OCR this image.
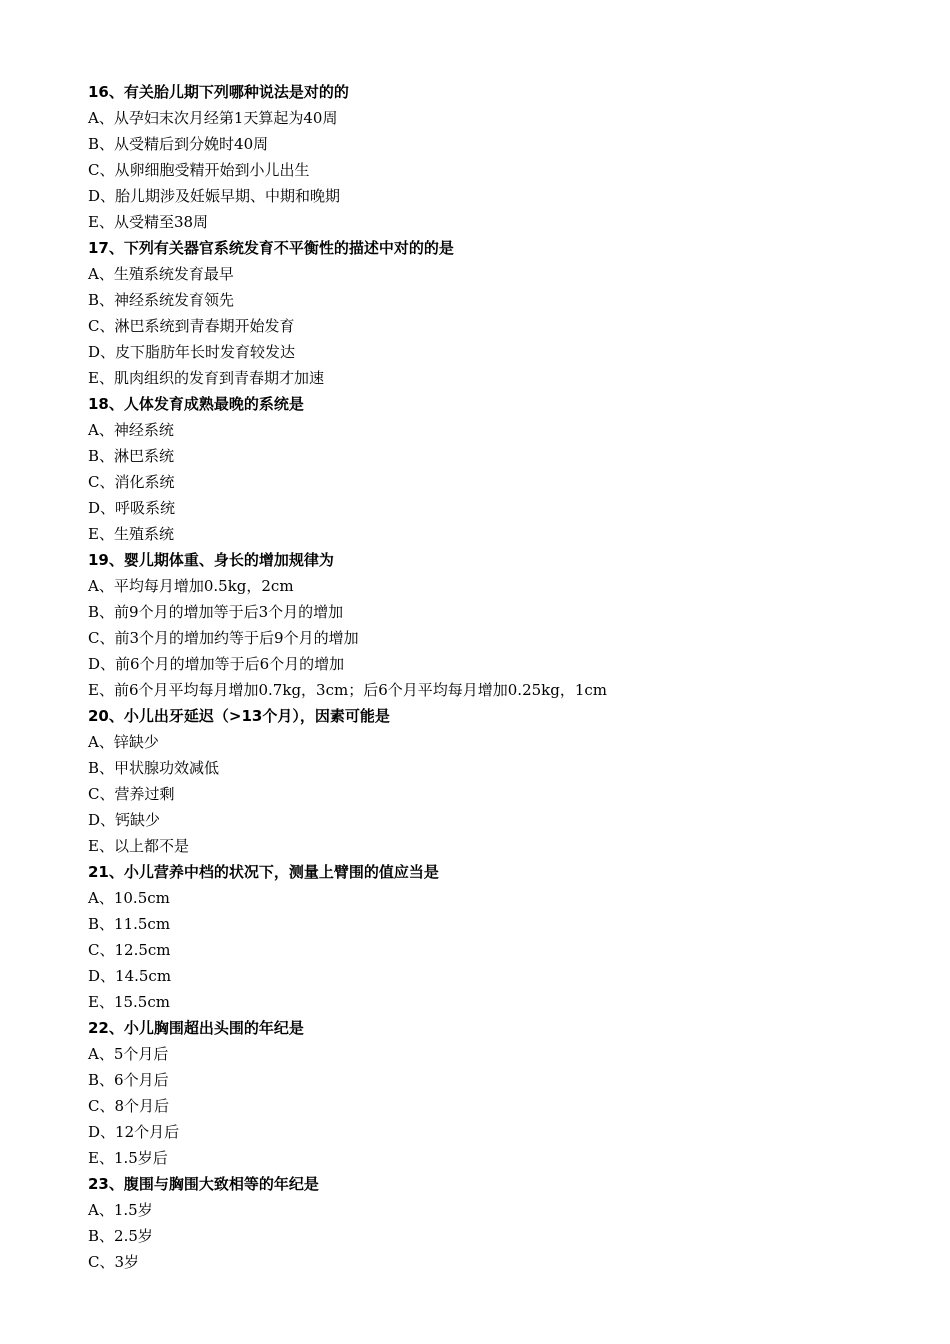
16、有关胎儿期下列哪种说法是对的的
A、从孕妇末次月经第1天算起为40周
B、从受精后到分娩时40周
C、从卵细胞受精开始到小儿出生
D、胎儿期涉及妊娠早期、中期和晚期
E、从受精至38周
17、下列有关器官系统发育不平衡性的描述中对的的是
A、生殖系统发育最早
B、神经系统发育领先
C、淋巴系统到青春期开始发育
D、皮下脂肪年长时发育较发达
E、肌肉组织的发育到青春期才加速
18、人体发育成熟最晚的系统是
A、神经系统
B、淋巴系统
C、消化系统
D、呼吸系统
E、生殖系统
19、婴儿期体重、身长的增加规律为
A、平均每月增加0.5kg，2cm
B、前9个月的增加等于后3个月的增加
C、前3个月的增加约等于后9个月的增加
D、前6个月的增加等于后6个月的增加
E、前6个月平均每月增加0.7kg，3cm；后6个月平均每月增加0.25kg，1cm
20、小儿出牙延迟（>13个月），因素可能是
A、锌缺少
B、甲状腺功效减低
C、营养过剩
D、钙缺少
E、以上都不是
21、小儿营养中档的状况下，测量上臂围的值应当是
A、10.5cm
B、11.5cm
C、12.5cm
D、14.5cm
E、15.5cm
22、小儿胸围超出头围的年纪是
A、5个月后
B、6个月后
C、8个月后
D、12个月后
E、1.5岁后
23、腹围与胸围大致相等的年纪是
A、1.5岁
B、2.5岁
C、3岁
